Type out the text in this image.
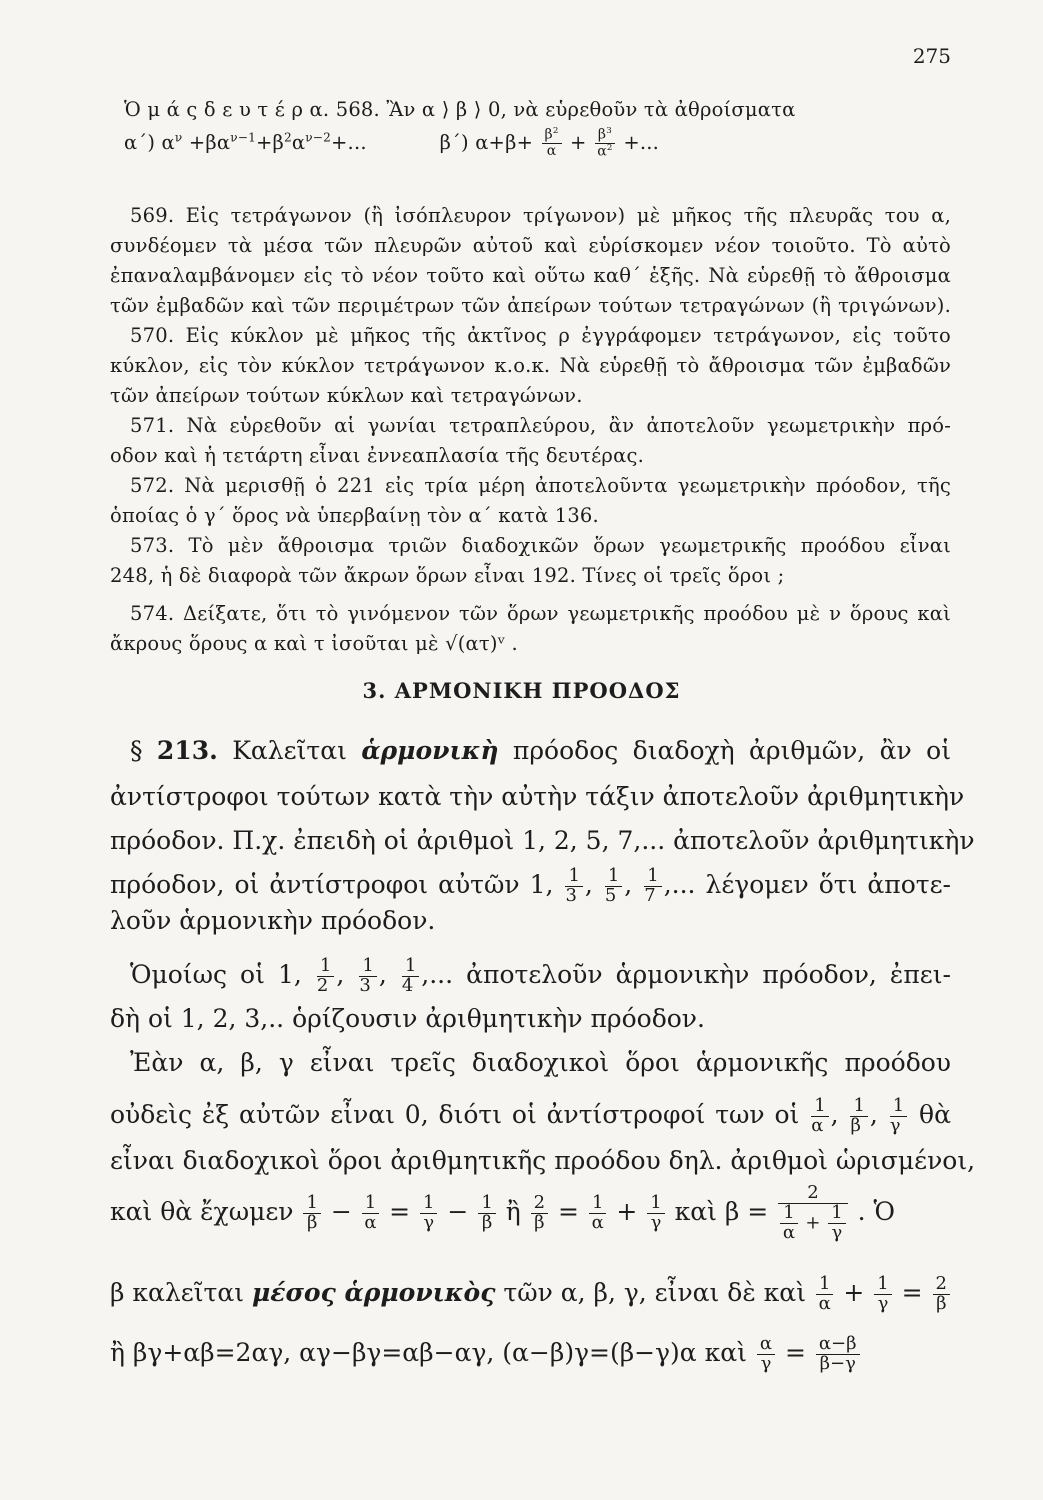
275
Ὁ μ ά ς δ ε υ τ έ ρ α. 568. Ἂν α ⟩ β ⟩ 0, νὰ εὑρεθοῦν τὰ ἀθροίσματα
α΄) $\alpha^\nu +\beta\alpha^{\nu-1}+\beta^2\alpha^{\nu-2}+$...	β΄) $\alpha+\beta+ \frac{\beta^2}{\alpha} + \frac{\beta^3}{\alpha^2}$ +...
569. Εἰς τετράγωνον (ἢ ἰσόπλευρον τρίγωνον) μὲ μῆκος τῆς πλευρᾶς του α,
συνδέομεν τὰ μέσα τῶν πλευρῶν αὐτοῦ καὶ εὑρίσκομεν νέον τοιοῦτο. Τὸ αὐτὸ
ἐπαναλαμβάνομεν εἰς τὸ νέον τοῦτο καὶ οὕτω καθ΄ ἑξῆς. Νὰ εὑρεθῇ τὸ ἄθροισμα
τῶν ἐμβαδῶν καὶ τῶν περιμέτρων τῶν ἀπείρων τούτων τετραγώνων (ἢ τριγώνων).
570. Εἰς κύκλον μὲ μῆκος τῆς ἀκτῖνος ρ ἐγγράφομεν τετράγωνον, εἰς τοῦτο
κύκλον, εἰς τὸν κύκλον τετράγωνον κ.ο.κ. Νὰ εὑρεθῇ τὸ ἄθροισμα τῶν ἐμβαδῶν
τῶν ἀπείρων τούτων κύκλων καὶ τετραγώνων.
571. Νὰ εὑρεθοῦν αἱ γωνίαι τετραπλεύρου, ἂν ἀποτελοῦν γεωμετρικὴν πρό-
οδον καὶ ἡ τετάρτη εἶναι ἐννεαπλασία τῆς δευτέρας.
572. Νὰ μερισθῇ ὁ 221 εἰς τρία μέρη ἀποτελοῦντα γεωμετρικὴν πρόοδον, τῆς
ὁποίας ὁ γ΄ ὅρος νὰ ὑπερβαίνῃ τὸν α΄ κατὰ 136.
573. Τὸ μὲν ἄθροισμα τριῶν διαδοχικῶν ὅρων γεωμετρικῆς προόδου εἶναι
248, ἡ δὲ διαφορὰ τῶν ἄκρων ὅρων εἶναι 192. Τίνες οἱ τρεῖς ὅροι ;
574. Δείξατε, ὅτι τὸ γινόμενον τῶν ὅρων γεωμετρικῆς προόδου μὲ ν ὅρους καὶ
ἄκρους ὅρους α καὶ τ ἰσοῦται μὲ √(ατ)ᵛ .
3. ΑΡΜΟΝΙΚΗ ΠΡΟΟΔΟΣ
§ 213. Καλεῖται ἁρμονικὴ πρόοδος διαδοχὴ ἀριθμῶν, ἂν οἱ
ἀντίστροφοι τούτων κατὰ τὴν αὐτὴν τάξιν ἀποτελοῦν ἀριθμητικὴν
πρόοδον. Π.χ. ἐπειδὴ οἱ ἀριθμοὶ 1, 2, 5, 7,... ἀποτελοῦν ἀριθμητικὴν
πρόοδον, οἱ ἀντίστροφοι αὐτῶν 1, $\frac{1}{3}$ , $\frac{1}{5}$ , $\frac{1}{7}$ ,... λέγομεν ὅτι ἀποτε-
λοῦν ἁρμονικὴν πρόοδον.
Ὁμοίως οἱ 1, $\frac{1}{2}$ , $\frac{1}{3}$ , $\frac{1}{4}$ ,... ἀποτελοῦν ἁρμονικὴν πρόοδον, ἐπει-
δὴ οἱ 1, 2, 3,.. ὁρίζουσιν ἀριθμητικὴν πρόοδον.
Ἐὰν α, β, γ εἶναι τρεῖς διαδοχικοὶ ὅροι ἁρμονικῆς προόδου
οὐδεὶς ἐξ αὐτῶν εἶναι 0, διότι οἱ ἀντίστροφοί των οἱ $\frac{1}{\alpha}$ , $\frac{1}{\beta}$ , $\frac{1}{\gamma}$ θὰ
εἶναι διαδοχικοὶ ὅροι ἀριθμητικῆς προόδου δηλ. ἀριθμοὶ ὡρισμένοι,
καὶ θὰ ἔχωμεν $\frac{1}{\beta} - \frac{1}{\alpha} = \frac{1}{\gamma} - \frac{1}{\beta}$ ἢ $\frac{2}{\beta} = \frac{1}{\alpha} + \frac{1}{\gamma}$ καὶ $\beta = \frac{2}{\frac{1}{\alpha} + \frac{1}{\gamma}}$ . Ὁ
β καλεῖται μέσος ἁρμονικὸς τῶν α, β, γ, εἶναι δὲ καὶ $\frac{1}{\alpha} + \frac{1}{\gamma} = \frac{2}{\beta}$
ἢ βγ+αβ=2αγ, αγ−βγ=αβ−αγ, (α−β)γ=(β−γ)α καὶ $\frac{\alpha}{\gamma} = \frac{\alpha-\beta}{\beta-\gamma}$
